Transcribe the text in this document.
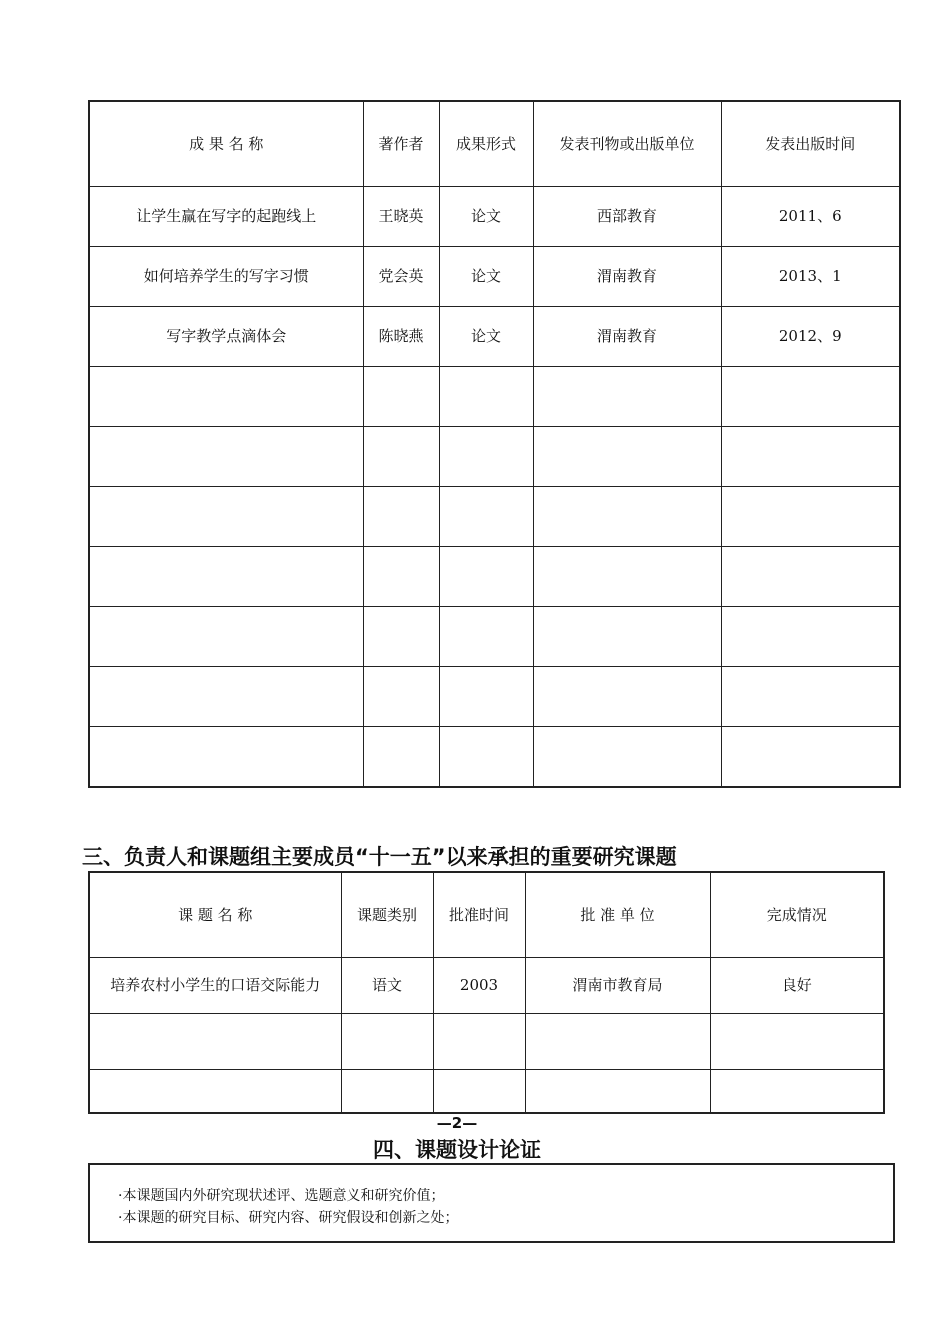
成 果 名 称	著作者	成果形式	发表刊物或出版单位	发表出版时间
让学生赢在写字的起跑线上	王晓英	论文	西部教育	2011、6
如何培养学生的写字习惯	党会英	论文	渭南教育	2013、1
写字教学点滴体会	陈晓燕	论文	渭南教育	2012、9

三、负责人和课题组主要成员“十一五”以来承担的重要研究课题
课 题 名 称	课题类别	批准时间	批 准 单 位	完成情况
培养农村小学生的口语交际能力	语文	2003	渭南市教育局	良好

—2—
四、课题设计论证

·本课题国内外研究现状述评、选题意义和研究价值；

·本课题的研究目标、研究内容、研究假设和创新之处；
